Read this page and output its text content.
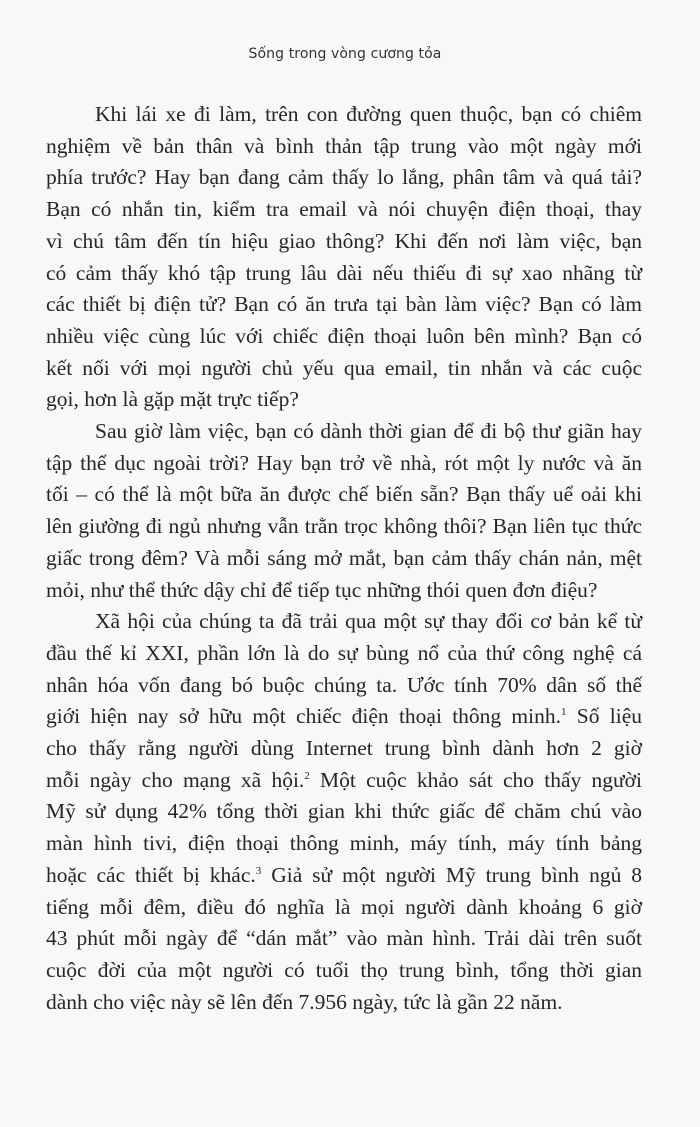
Sống trong vòng cương tỏa
Khi lái xe đi làm, trên con đường quen thuộc, bạn có chiêm
nghiệm về bản thân và bình thản tập trung vào một ngày mới
phía trước? Hay bạn đang cảm thấy lo lắng, phân tâm và quá tải?
Bạn có nhắn tin, kiểm tra email và nói chuyện điện thoại, thay
vì chú tâm đến tín hiệu giao thông? Khi đến nơi làm việc, bạn
có cảm thấy khó tập trung lâu dài nếu thiếu đi sự xao nhãng từ
các thiết bị điện tử? Bạn có ăn trưa tại bàn làm việc? Bạn có làm
nhiều việc cùng lúc với chiếc điện thoại luôn bên mình? Bạn có
kết nối với mọi người chủ yếu qua email, tin nhắn và các cuộc
gọi, hơn là gặp mặt trực tiếp?
Sau giờ làm việc, bạn có dành thời gian để đi bộ thư giãn hay
tập thể dục ngoài trời? Hay bạn trở về nhà, rót một ly nước và ăn
tối – có thể là một bữa ăn được chế biến sẵn? Bạn thấy uể oải khi
lên giường đi ngủ nhưng vẫn trằn trọc không thôi? Bạn liên tục thức
giấc trong đêm? Và mỗi sáng mở mắt, bạn cảm thấy chán nản, mệt
mỏi, như thể thức dậy chỉ để tiếp tục những thói quen đơn điệu?
Xã hội của chúng ta đã trải qua một sự thay đổi cơ bản kể từ
đầu thế kỉ XXI, phần lớn là do sự bùng nổ của thứ công nghệ cá
nhân hóa vốn đang bó buộc chúng ta. Ước tính 70% dân số thế
giới hiện nay sở hữu một chiếc điện thoại thông minh.$^1$ Số liệu
cho thấy rằng người dùng Internet trung bình dành hơn 2 giờ
mỗi ngày cho mạng xã hội.$^2$ Một cuộc khảo sát cho thấy người
Mỹ sử dụng 42% tổng thời gian khi thức giấc để chăm chú vào
màn hình tivi, điện thoại thông minh, máy tính, máy tính bảng
hoặc các thiết bị khác.$^3$ Giả sử một người Mỹ trung bình ngủ 8
tiếng mỗi đêm, điều đó nghĩa là mọi người dành khoảng 6 giờ
43 phút mỗi ngày để “dán mắt” vào màn hình. Trải dài trên suốt
cuộc đời của một người có tuổi thọ trung bình, tổng thời gian
dành cho việc này sẽ lên đến 7.956 ngày, tức là gần 22 năm.
